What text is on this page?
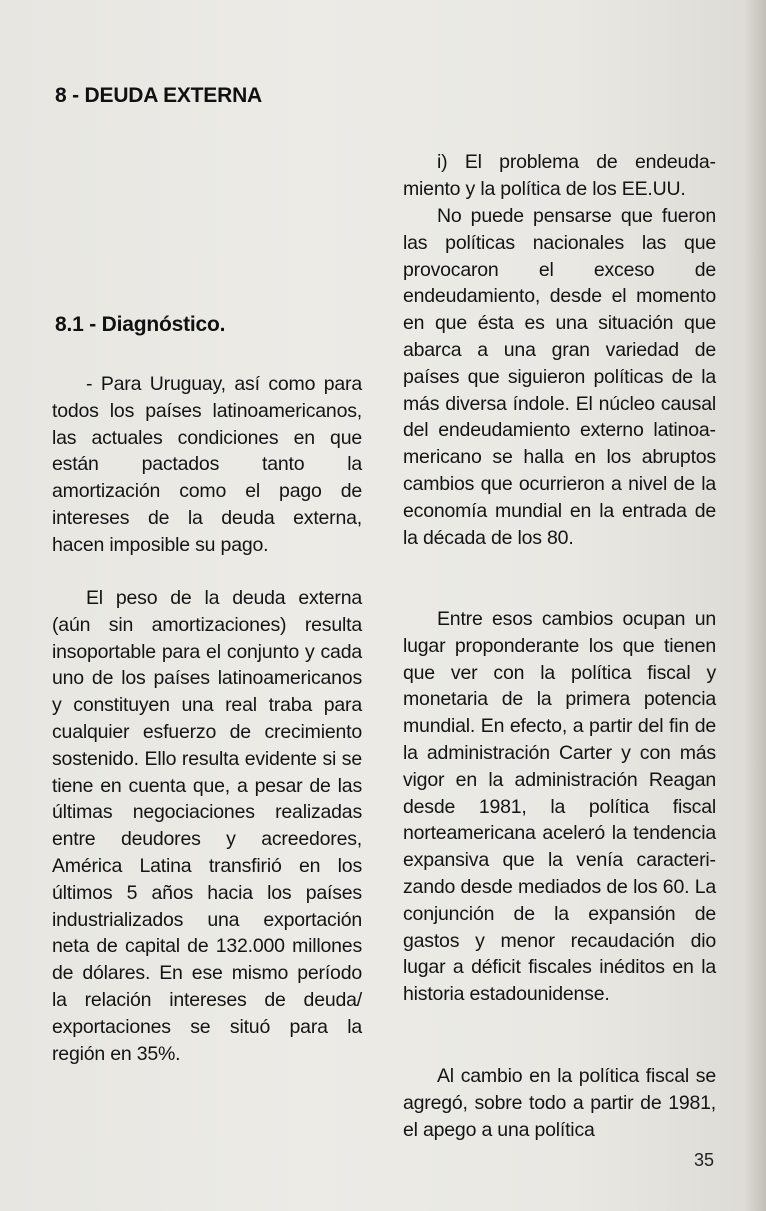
8 - DEUDA EXTERNA
8.1 - Diagnóstico.

- Para Uruguay, así como para todos los países latinoamericanos, las actuales condiciones en que están pactados tanto la amortización como el pago de intereses de la deuda externa, hacen imposible su pago.

El peso de la deuda externa (aún sin amortizaciones) resulta insoportable para el conjunto y cada uno de los países latinoamericanos y constituyen una real traba para cualquier esfuerzo de crecimiento sostenido. Ello resulta evidente si se tiene en cuenta que, a pesar de las últimas negociaciones realizadas entre deudores y acreedores, América Latina transfirió en los últimos 5 años hacia los países industrializados una exportación neta de capital de 132.000 millones de dólares. En ese mismo período la relación intereses de deuda/ exportaciones se situó para la región en 35%.

i) El problema de endeudamiento y la política de los EE.UU.

No puede pensarse que fueron las políticas nacionales las que provocaron el exceso de endeudamiento, desde el momento en que ésta es una situación que abarca a una gran variedad de países que siguieron políticas de la más diversa índole. El núcleo causal del endeudamiento externo latinoamericano se halla en los abruptos cambios que ocurrieron a nivel de la economía mundial en la entrada de la década de los 80.

Entre esos cambios ocupan un lugar proponderante los que tienen que ver con la política fiscal y monetaria de la primera potencia mundial. En efecto, a partir del fin de la administración Carter y con más vigor en la administración Reagan desde 1981, la política fiscal norteamericana aceleró la tendencia expansiva que la venía caracterizando desde mediados de los 60. La conjunción de la expansión de gastos y menor recaudación dio lugar a déficit fiscales inéditos en la historia estadounidense.

Al cambio en la política fiscal se agregó, sobre todo a partir de 1981, el apego a una política

35
